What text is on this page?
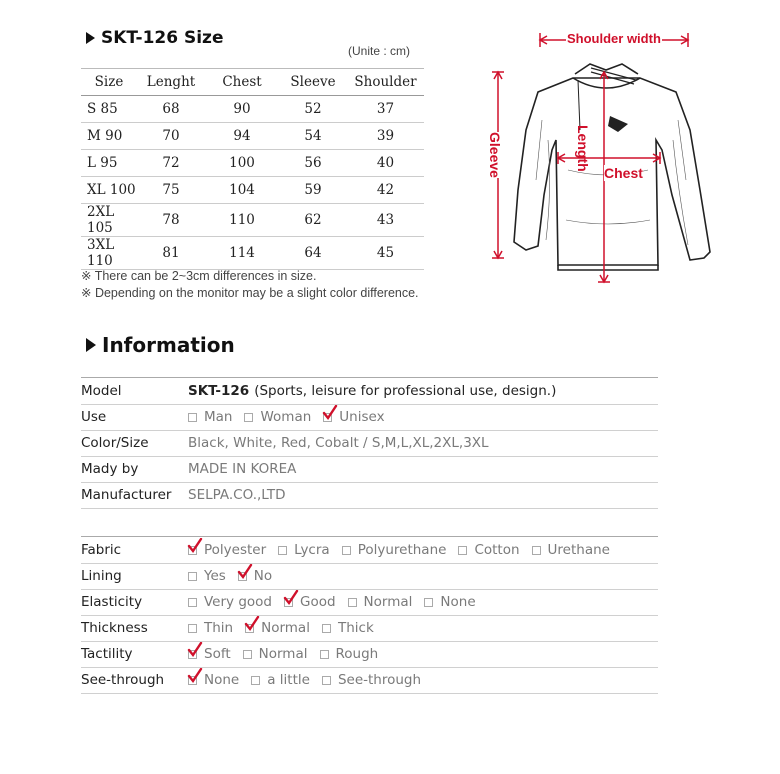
SKT-126 Size
(Unite : cm)
Size	Lenght	Chest	Sleeve	Shoulder
S 85	68	90	52	37
M 90	70	94	54	39
L 95	72	100	56	40
XL 100	75	104	59	42
2XL 105	78	110	62	43
3XL 110	81	114	64	45
※ There can be 2~3cm differences in size.
※ Depending on the monitor may be a slight color difference.
Shoulder width
Length
Chest
Gleeve
Information
Model	SKT-126 (Sports, leisure for professional use, design.)
Use	Man Woman Unisex
Color/Size	Black, White, Red, Cobalt / S,M,L,XL,2XL,3XL
Mady by	MADE IN KOREA
Manufacturer	SELPA.CO.,LTD
Fabric	Polyester Lycra Polyurethane Cotton Urethane
Lining	Yes No
Elasticity	Very good Good Normal None
Thickness	Thin Normal Thick
Tactility	Soft Normal Rough
See-through	None a little See-through
